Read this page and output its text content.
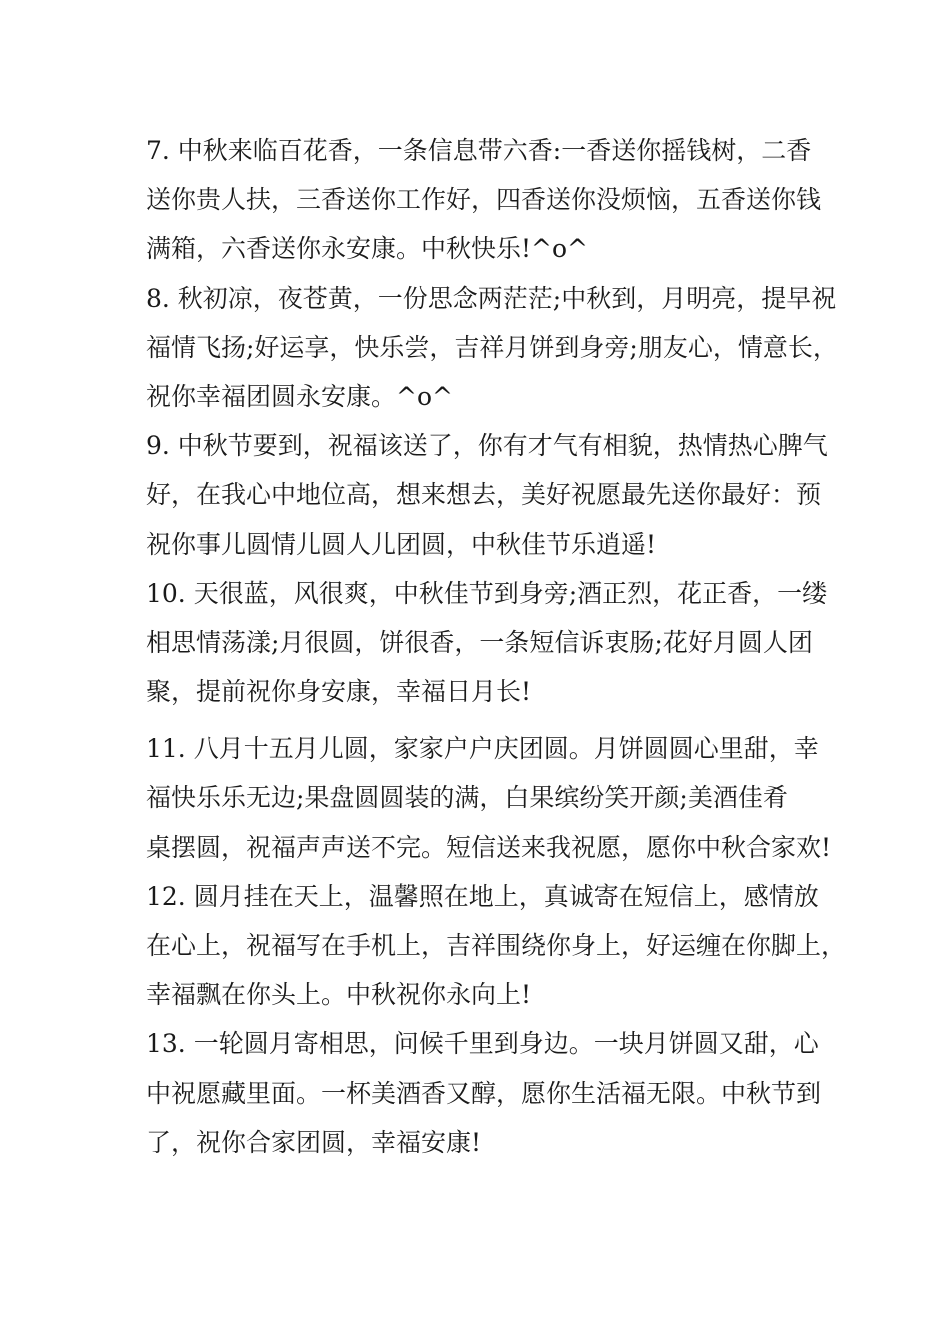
7. 中秋来临百花香，一条信息带六香:一香送你摇钱树，二香
送你贵人扶，三香送你工作好，四香送你没烦恼，五香送你钱
满箱，六香送你永安康。中秋快乐!^o^
8. 秋初凉，夜苍黄，一份思念两茫茫;中秋到，月明亮，提早祝
福情飞扬;好运享，快乐尝，吉祥月饼到身旁;朋友心，情意长，
祝你幸福团圆永安康。^o^
9. 中秋节要到，祝福该送了，你有才气有相貌，热情热心脾气
好，在我心中地位高，想来想去，美好祝愿最先送你最好：预
祝你事儿圆情儿圆人儿团圆，中秋佳节乐逍遥!
10. 天很蓝，风很爽，中秋佳节到身旁;酒正烈，花正香，一缕
相思情荡漾;月很圆，饼很香，一条短信诉衷肠;花好月圆人团
聚，提前祝你身安康，幸福日月长!
11. 八月十五月儿圆，家家户户庆团圆。月饼圆圆心里甜，幸
福快乐乐无边;果盘圆圆装的满，白果缤纷笑开颜;美酒佳肴
桌摆圆，祝福声声送不完。短信送来我祝愿，愿你中秋合家欢!
12. 圆月挂在天上，温馨照在地上，真诚寄在短信上，感情放
在心上，祝福写在手机上，吉祥围绕你身上，好运缠在你脚上，
幸福飘在你头上。中秋祝你永向上!
13. 一轮圆月寄相思，问候千里到身边。一块月饼圆又甜，心
中祝愿藏里面。一杯美酒香又醇，愿你生活福无限。中秋节到
了，祝你合家团圆，幸福安康!
